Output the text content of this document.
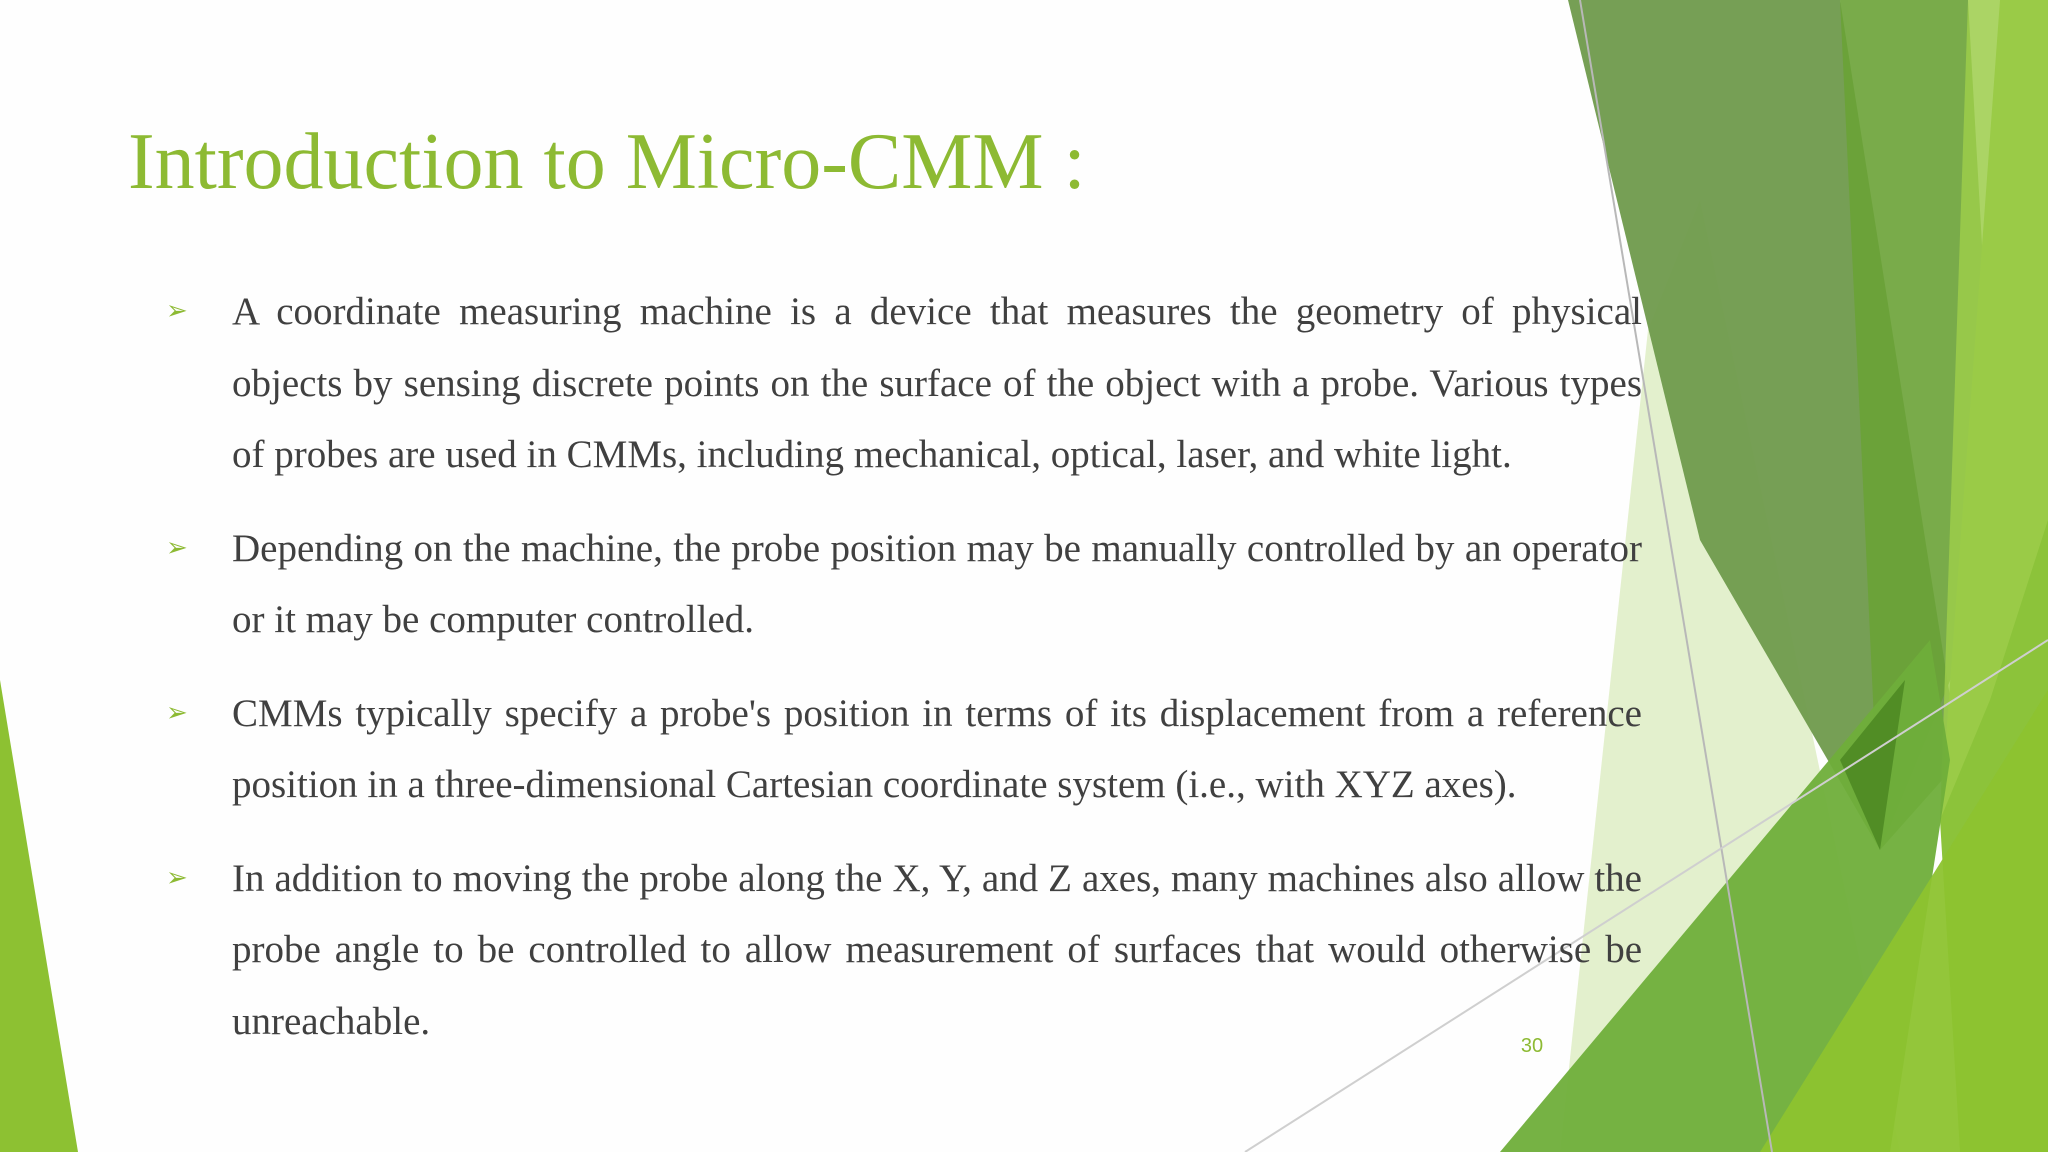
Introduction to Micro-CMM :
➢ A coordinate measuring machine is a device that measures the geometry of physical objects by sensing discrete points on the surface of the object with a probe. Various types of probes are used in CMMs, including mechanical, optical, laser, and white light.
➢ Depending on the machine, the probe position may be manually controlled by an operator or it may be computer controlled.
➢ CMMs typically specify a probe's position in terms of its displacement from a reference position in a three-dimensional Cartesian coordinate system (i.e., with XYZ axes).
➢ In addition to moving the probe along the X, Y, and Z axes, many machines also allow the probe angle to be controlled to allow measurement of surfaces that would otherwise be unreachable.
30
